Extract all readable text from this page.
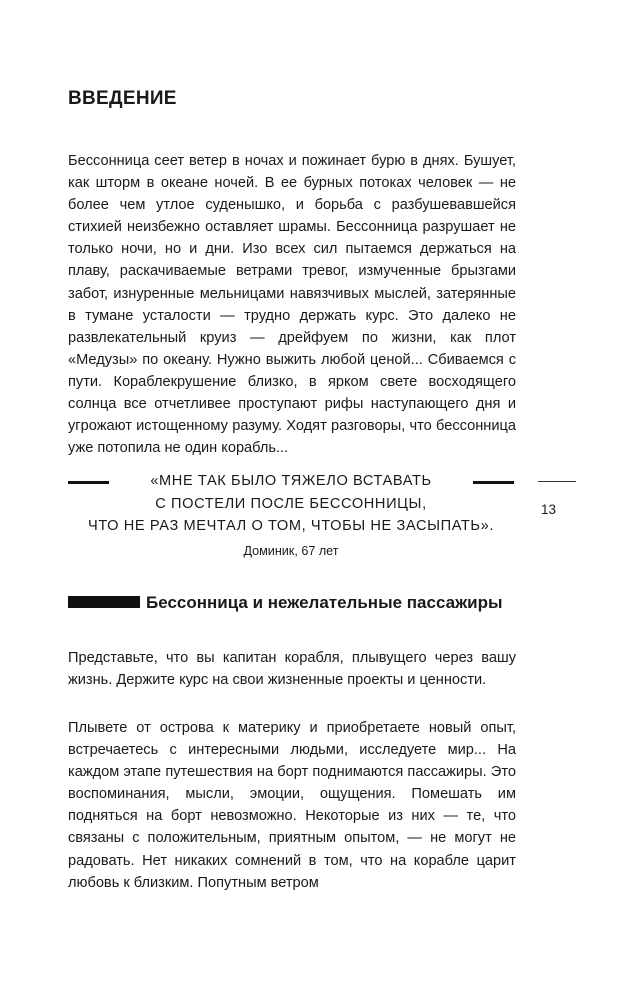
ВВЕДЕНИЕ

Бессонница сеет ветер в ночах и пожинает бурю в днях. Бушует, как шторм в океане ночей. В ее бурных потоках человек — не более чем утлое суденышко, и борьба с разбушевавшейся стихией неизбежно оставляет шрамы. Бессонница разрушает не только ночи, но и дни. Изо всех сил пытаемся держаться на плаву, раскачиваемые ветрами тревог, измученные брызгами забот, изнуренные мельницами навязчивых мыслей, затерянные в тумане усталости — трудно держать курс. Это далеко не развлекательный круиз — дрейфуем по жизни, как плот «Медузы» по океану. Нужно выжить любой ценой... Сбиваемся с пути. Кораблекрушение близко, в ярком свете восходящего солнца все отчетливее проступают рифы наступающего дня и угрожают истощенному разуму. Ходят разговоры, что бессонница уже потопила не один корабль...

«МНЕ ТАК БЫЛО ТЯЖЕЛО ВСТАВАТЬ
С ПОСТЕЛИ ПОСЛЕ БЕССОННИЦЫ,
ЧТО НЕ РАЗ МЕЧТАЛ О ТОМ, ЧТОБЫ НЕ ЗАСЫПАТЬ».

Доминик, 67 лет

13

Бессонница и нежелательные пассажиры

Представьте, что вы капитан корабля, плывущего через вашу жизнь. Держите курс на свои жизненные проекты и ценности.

Плывете от острова к материку и приобретаете новый опыт, встречаетесь с интересными людьми, исследуете мир... На каждом этапе путешествия на борт поднимаются пассажиры. Это воспоминания, мысли, эмоции, ощущения. Помешать им подняться на борт невозможно. Некоторые из них — те, что связаны с положительным, приятным опытом, — не могут не радовать. Нет никаких сомнений в том, что на корабле царит любовь к близким. Попутным ветром
